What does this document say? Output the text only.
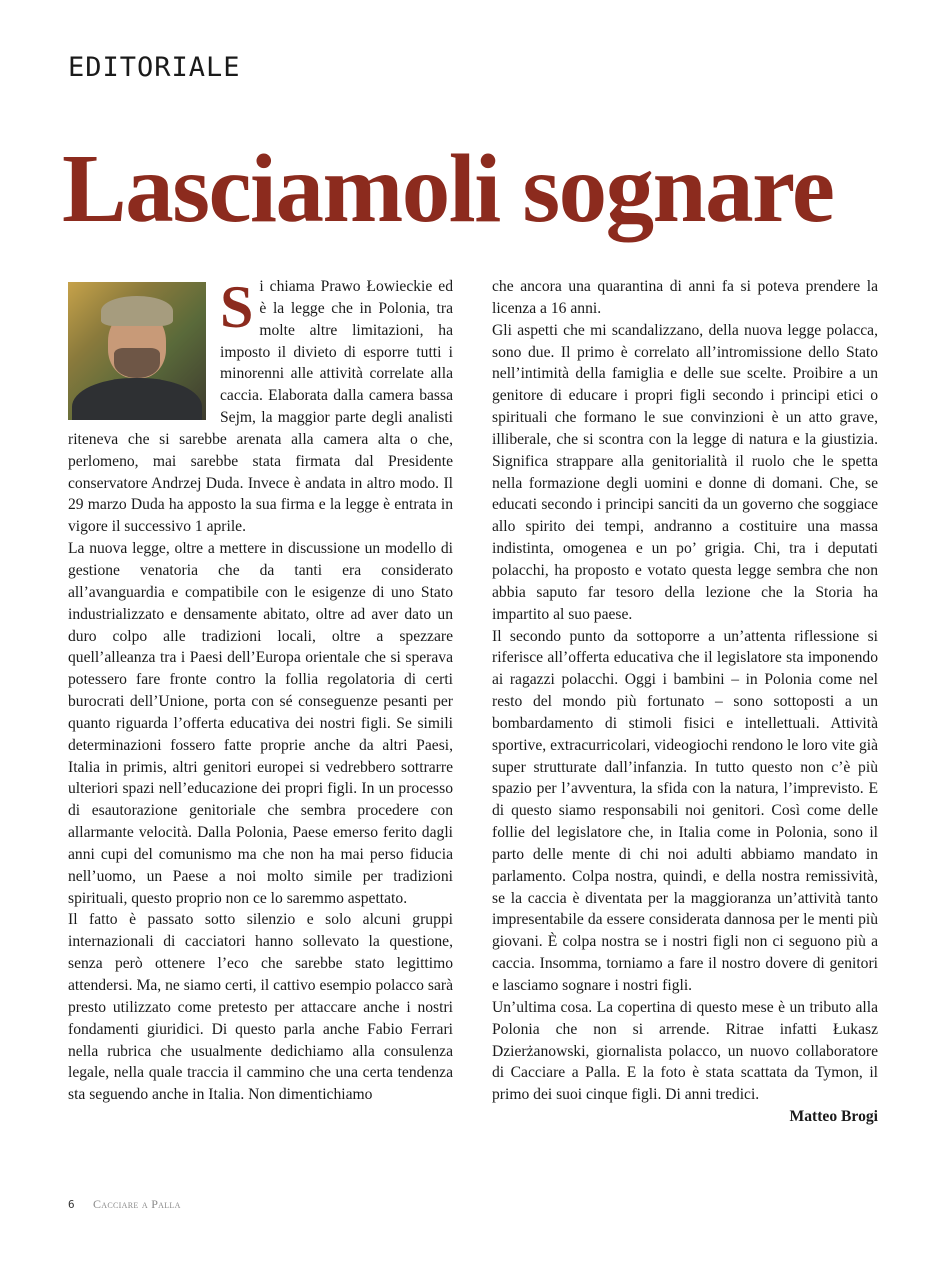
EDITORIALE
Lasciamoli sognare

Si chiama Prawo Łowieckie ed è la legge che in Polonia, tra molte altre limitazioni, ha imposto il divieto di esporre tutti i minorenni alle attività correlate alla caccia. Elaborata dalla camera bassa Sejm, la maggior parte degli analisti riteneva che si sarebbe arenata alla camera alta o che, perlomeno, mai sarebbe stata firmata dal Presidente conservatore Andrzej Duda. Invece è andata in altro modo. Il 29 marzo Duda ha apposto la sua firma e la legge è entrata in vigore il successivo 1 aprile.

La nuova legge, oltre a mettere in discussione un modello di gestione venatoria che da tanti era considerato all’avanguardia e compatibile con le esigenze di uno Stato industrializzato e densamente abitato, oltre ad aver dato un duro colpo alle tradizioni locali, oltre a spezzare quell’alleanza tra i Paesi dell’Europa orientale che si sperava potessero fare fronte contro la follia regolatoria di certi burocrati dell’Unione, porta con sé conseguenze pesanti per quanto riguarda l’offerta educativa dei nostri figli. Se simili determinazioni fossero fatte proprie anche da altri Paesi, Italia in primis, altri genitori europei si vedrebbero sottrarre ulteriori spazi nell’educazione dei propri figli. In un processo di esautorazione genitoriale che sembra procedere con allarmante velocità. Dalla Polonia, Paese emerso ferito dagli anni cupi del comunismo ma che non ha mai perso fiducia nell’uomo, un Paese a noi molto simile per tradizioni spirituali, questo proprio non ce lo saremmo aspettato.

Il fatto è passato sotto silenzio e solo alcuni gruppi internazionali di cacciatori hanno sollevato la questione, senza però ottenere l’eco che sarebbe stato legittimo attendersi. Ma, ne siamo certi, il cattivo esempio polacco sarà presto utilizzato come pretesto per attaccare anche i nostri fondamenti giuridici. Di questo parla anche Fabio Ferrari nella rubrica che usualmente dedichiamo alla consulenza legale, nella quale traccia il cammino che una certa tendenza sta seguendo anche in Italia. Non dimentichiamo

che ancora una quarantina di anni fa si poteva prendere la licenza a 16 anni.

Gli aspetti che mi scandalizzano, della nuova legge polacca, sono due. Il primo è correlato all’intromissione dello Stato nell’intimità della famiglia e delle sue scelte. Proibire a un genitore di educare i propri figli secondo i principi etici o spirituali che formano le sue convinzioni è un atto grave, illiberale, che si scontra con la legge di natura e la giustizia. Significa strappare alla genitorialità il ruolo che le spetta nella formazione degli uomini e donne di domani. Che, se educati secondo i principi sanciti da un governo che soggiace allo spirito dei tempi, andranno a costituire una massa indistinta, omogenea e un po’ grigia. Chi, tra i deputati polacchi, ha proposto e votato questa legge sembra che non abbia saputo far tesoro della lezione che la Storia ha impartito al suo paese.

Il secondo punto da sottoporre a un’attenta riflessione si riferisce all’offerta educativa che il legislatore sta imponendo ai ragazzi polacchi. Oggi i bambini – in Polonia come nel resto del mondo più fortunato – sono sottoposti a un bombardamento di stimoli fisici e intellettuali. Attività sportive, extracurricolari, videogiochi rendono le loro vite già super strutturate dall’infanzia. In tutto questo non c’è più spazio per l’avventura, la sfida con la natura, l’imprevisto. E di questo siamo responsabili noi genitori. Così come delle follie del legislatore che, in Italia come in Polonia, sono il parto delle mente di chi noi adulti abbiamo mandato in parlamento. Colpa nostra, quindi, e della nostra remissività, se la caccia è diventata per la maggioranza un’attività tanto impresentabile da essere considerata dannosa per le menti più giovani. È colpa nostra se i nostri figli non ci seguono più a caccia. Insomma, torniamo a fare il nostro dovere di genitori e lasciamo sognare i nostri figli.

Un’ultima cosa. La copertina di questo mese è un tributo alla Polonia che non si arrende. Ritrae infatti Łukasz Dzierżanowski, giornalista polacco, un nuovo collaboratore di Cacciare a Palla. E la foto è stata scattata da Tymon, il primo dei suoi cinque figli. Di anni tredici.

Matteo Brogi

6 Cacciare a Palla
